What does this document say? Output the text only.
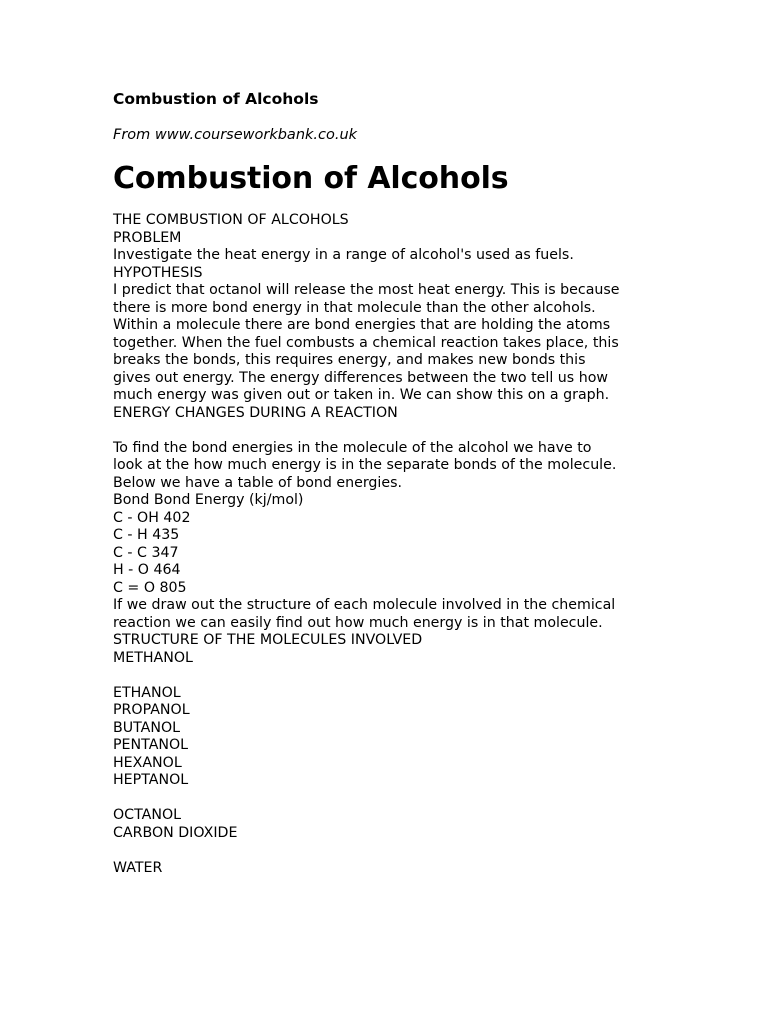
Combustion of Alcohols

From www.courseworkbank.co.uk

Combustion of Alcohols
THE COMBUSTION OF ALCOHOLS
PROBLEM
Investigate the heat energy in a range of alcohol's used as fuels.
HYPOTHESIS
I predict that octanol will release the most heat energy. This is because
there is more bond energy in that molecule than the other alcohols.
Within a molecule there are bond energies that are holding the atoms
together. When the fuel combusts a chemical reaction takes place, this
breaks the bonds, this requires energy, and makes new bonds this
gives out energy. The energy differences between the two tell us how
much energy was given out or taken in. We can show this on a graph.
ENERGY CHANGES DURING A REACTION
To find the bond energies in the molecule of the alcohol we have to
look at the how much energy is in the separate bonds of the molecule.
Below we have a table of bond energies.
Bond Bond Energy (kj/mol)
C - OH 402
C - H 435
C - C 347
H - O 464
C = O 805
If we draw out the structure of each molecule involved in the chemical
reaction we can easily find out how much energy is in that molecule.
STRUCTURE OF THE MOLECULES INVOLVED
METHANOL
ETHANOL
PROPANOL
BUTANOL
PENTANOL
HEXANOL
HEPTANOL
OCTANOL
CARBON DIOXIDE
WATER
